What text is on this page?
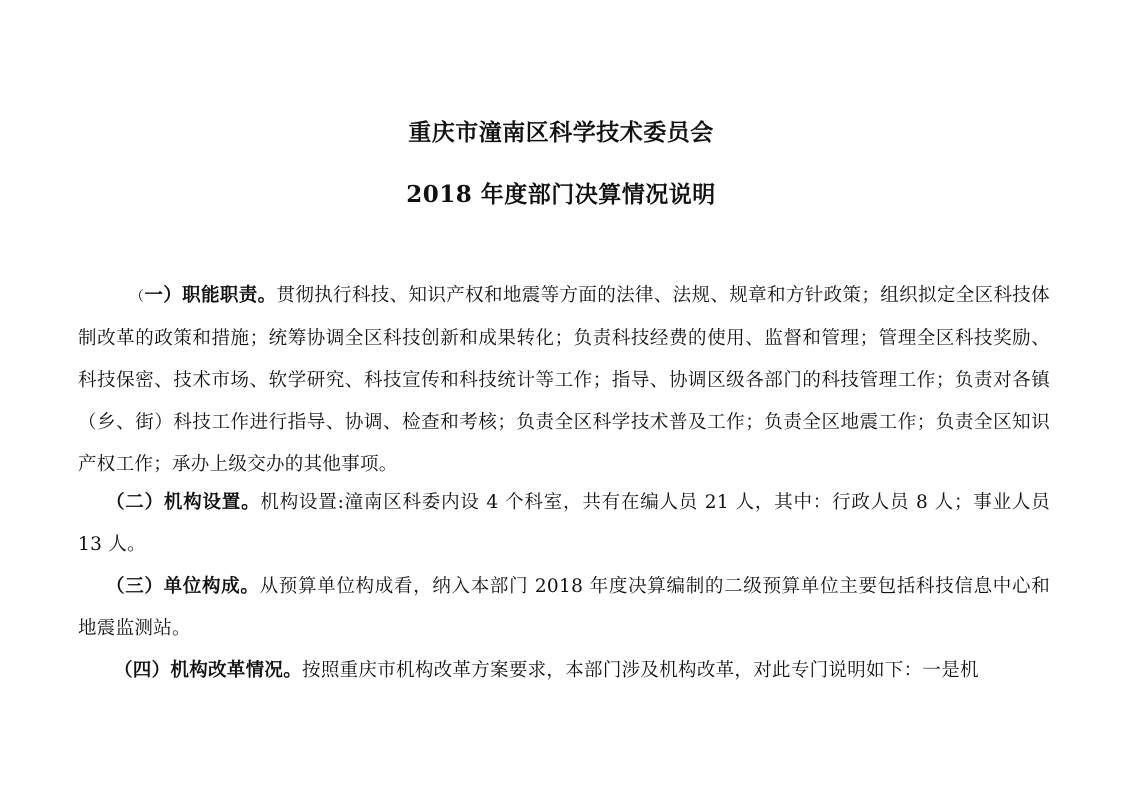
重庆市潼南区科学技术委员会
2018 年度部门决算情况说明

（一）职能职责。贯彻执行科技、知识产权和地震等方面的法律、法规、规章和方针政策；组织拟定全区科技体制改革的政策和措施；统筹协调全区科技创新和成果转化；负责科技经费的使用、监督和管理；管理全区科技奖励、科技保密、技术市场、软学研究、科技宣传和科技统计等工作；指导、协调区级各部门的科技管理工作；负责对各镇（乡、街）科技工作进行指导、协调、检查和考核；负责全区科学技术普及工作；负责全区地震工作；负责全区知识产权工作；承办上级交办的其他事项。

（二）机构设置。机构设置:潼南区科委内设 4 个科室，共有在编人员 21 人，其中：行政人员 8 人；事业人员 13 人。

（三）单位构成。从预算单位构成看，纳入本部门 2018 年度决算编制的二级预算单位主要包括科技信息中心和地震监测站。

（四）机构改革情况。按照重庆市机构改革方案要求，本部门涉及机构改革，对此专门说明如下：一是机
